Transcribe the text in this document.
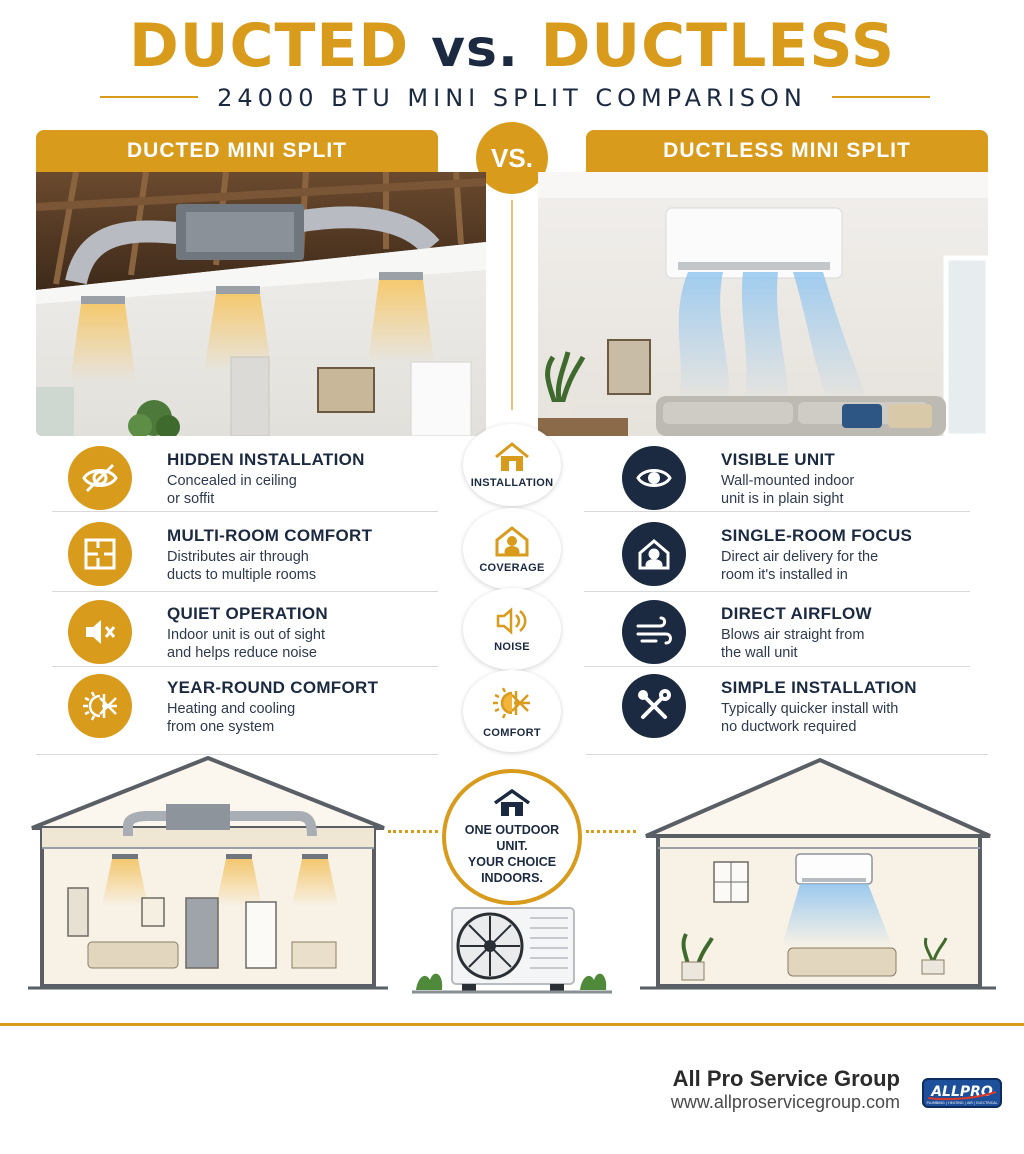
DUCTED vs. DUCTLESS
24000 BTU MINI SPLIT COMPARISON
DUCTED MINI SPLIT	DUCTLESS MINI SPLIT
VS.
HIDDEN INSTALLATION
Concealed in ceiling
or soffit
MULTI-ROOM COMFORT
Distributes air through
ducts to multiple rooms
QUIET OPERATION
Indoor unit is out of sight
and helps reduce noise
YEAR-ROUND COMFORT
Heating and cooling
from one system
VISIBLE UNIT
Wall-mounted indoor
unit is in plain sight
SINGLE-ROOM FOCUS
Direct air delivery for the
room it's installed in
DIRECT AIRFLOW
Blows air straight from
the wall unit
SIMPLE INSTALLATION
Typically quicker install with
no ductwork required
INSTALLATION
COVERAGE
NOISE
COMFORT
ONE OUTDOOR
UNIT.
YOUR CHOICE
INDOORS.
All Pro Service Group
www.allproservicegroup.com ALLPRO
PLUMBING | HEATING | AIR | ELECTRICAL
